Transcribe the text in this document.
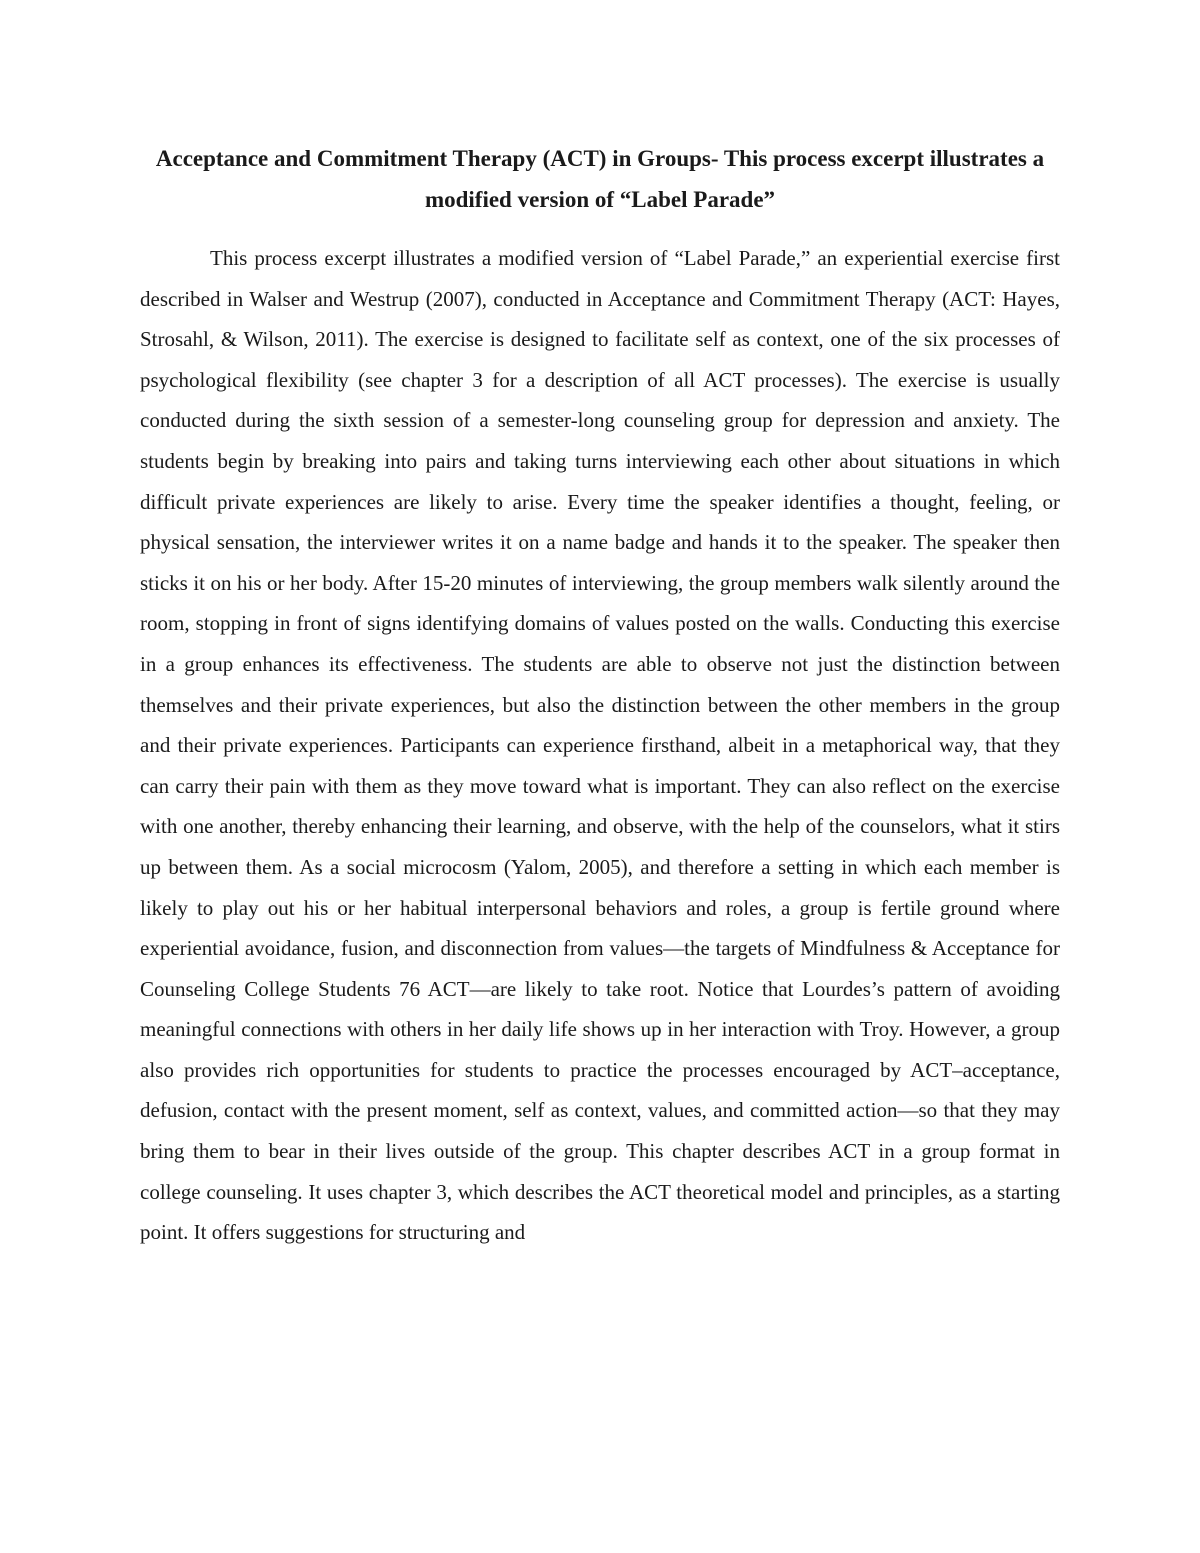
Acceptance and Commitment Therapy (ACT) in Groups- This process excerpt illustrates a modified version of “Label Parade”

This process excerpt illustrates a modified version of “Label Parade,” an experiential exercise first described in Walser and Westrup (2007), conducted in Acceptance and Commitment Therapy (ACT: Hayes, Strosahl, & Wilson, 2011). The exercise is designed to facilitate self as context, one of the six processes of psychological flexibility (see chapter 3 for a description of all ACT processes). The exercise is usually conducted during the sixth session of a semester-long counseling group for depression and anxiety. The students begin by breaking into pairs and taking turns interviewing each other about situations in which difficult private experiences are likely to arise. Every time the speaker identifies a thought, feeling, or physical sensation, the interviewer writes it on a name badge and hands it to the speaker. The speaker then sticks it on his or her body. After 15-20 minutes of interviewing, the group members walk silently around the room, stopping in front of signs identifying domains of values posted on the walls. Conducting this exercise in a group enhances its effectiveness. The students are able to observe not just the distinction between themselves and their private experiences, but also the distinction between the other members in the group and their private experiences. Participants can experience firsthand, albeit in a metaphorical way, that they can carry their pain with them as they move toward what is important. They can also reflect on the exercise with one another, thereby enhancing their learning, and observe, with the help of the counselors, what it stirs up between them. As a social microcosm (Yalom, 2005), and therefore a setting in which each member is likely to play out his or her habitual interpersonal behaviors and roles, a group is fertile ground where experiential avoidance, fusion, and disconnection from values—the targets of Mindfulness & Acceptance for Counseling College Students 76 ACT—are likely to take root. Notice that Lourdes’s pattern of avoiding meaningful connections with others in her daily life shows up in her interaction with Troy. However, a group also provides rich opportunities for students to practice the processes encouraged by ACT–acceptance, defusion, contact with the present moment, self as context, values, and committed action—so that they may bring them to bear in their lives outside of the group. This chapter describes ACT in a group format in college counseling. It uses chapter 3, which describes the ACT theoretical model and principles, as a starting point. It offers suggestions for structuring and
